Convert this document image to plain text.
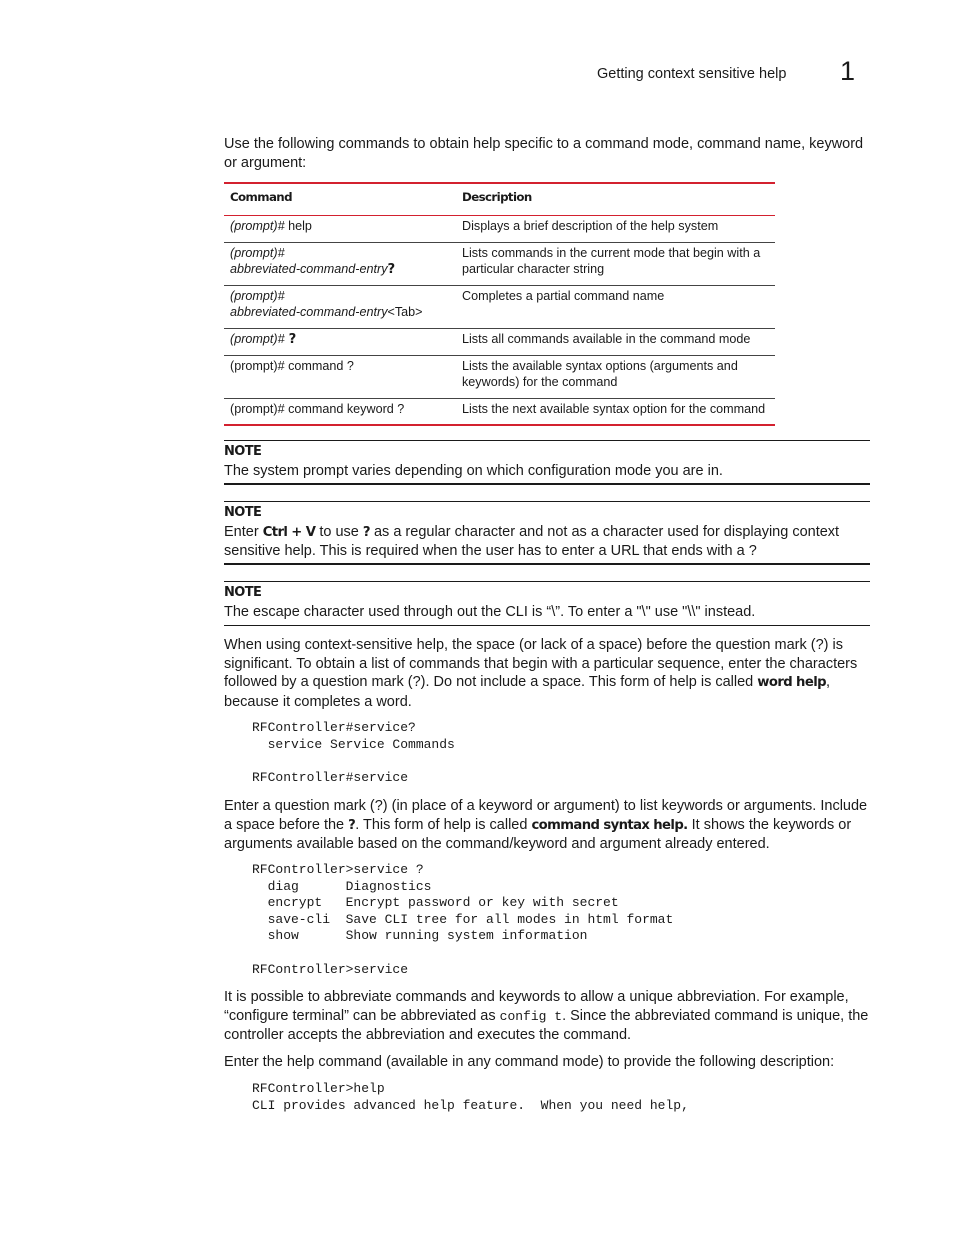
Getting context sensitive help 1
Use the following commands to obtain help specific to a command mode, command name, keyword or argument:
Command	Description
(prompt)# help	Displays a brief description of the help system
(prompt)#
abbreviated-command-entry?	Lists commands in the current mode that begin with a particular character string
(prompt)#
abbreviated-command-entry<Tab>	Completes a partial command name
(prompt)# ?	Lists all commands available in the command mode
(prompt)# command ?	Lists the available syntax options (arguments and keywords) for the command
(prompt)# command keyword ?	Lists the next available syntax option for the command
NOTE
The system prompt varies depending on which configuration mode you are in.
NOTE
Enter Ctrl + V to use ? as a regular character and not as a character used for displaying context sensitive help. This is required when the user has to enter a URL that ends with a ?
NOTE
The escape character used through out the CLI is “\”. To enter a "\" use "\\" instead.
When using context-sensitive help, the space (or lack of a space) before the question mark (?) is significant. To obtain a list of commands that begin with a particular sequence, enter the characters followed by a question mark (?). Do not include a space. This form of help is called word help, because it completes a word.
RFController#service?
service Service Commands

RFController#service
Enter a question mark (?) (in place of a keyword or argument) to list keywords or arguments. Include a space before the ?. This form of help is called command syntax help. It shows the keywords or arguments available based on the command/keyword and argument already entered.
RFController>service ?
diag      Diagnostics
encrypt   Encrypt password or key with secret
save-cli  Save CLI tree for all modes in html format
show      Show running system information

RFController>service
It is possible to abbreviate commands and keywords to allow a unique abbreviation. For example, “configure terminal” can be abbreviated as config t. Since the abbreviated command is unique, the controller accepts the abbreviation and executes the command.
Enter the help command (available in any command mode) to provide the following description:
RFController>help
CLI provides advanced help feature.  When you need help,
